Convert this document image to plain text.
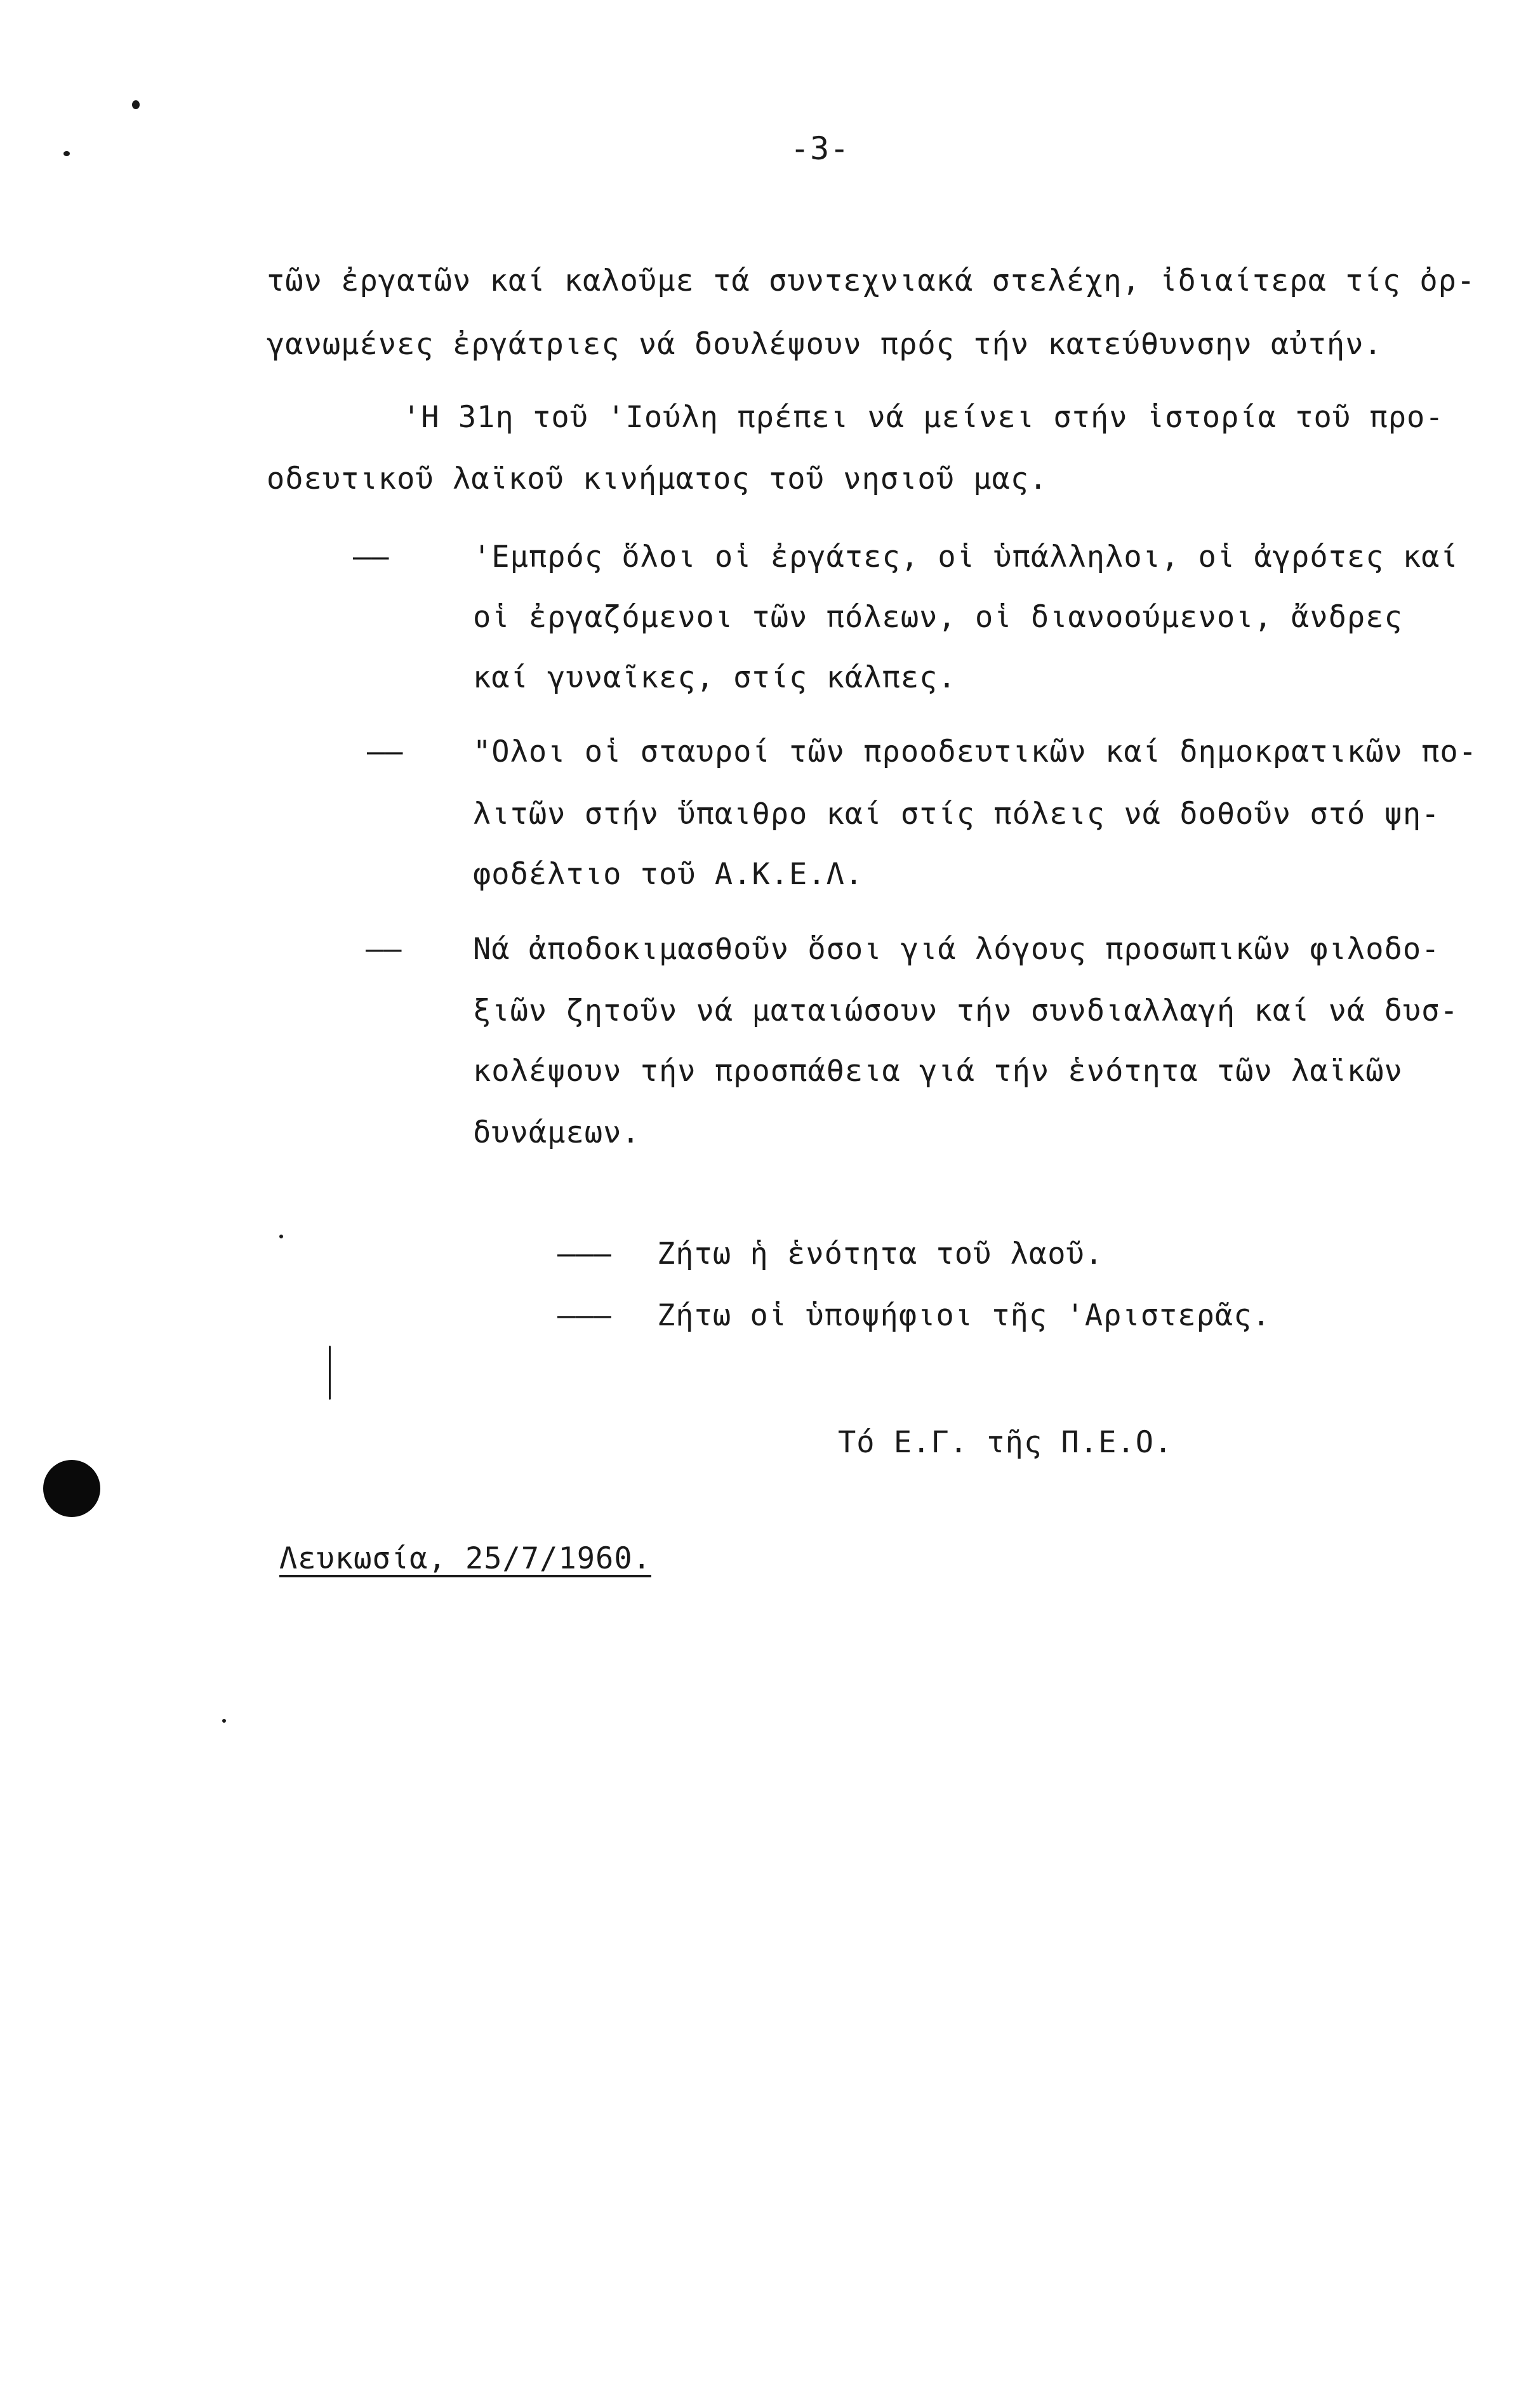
-3-
τῶν ἐργατῶν καί καλοῦμε τά συντεχνιακά στελέχη, ἰδιαίτερα τίς ὀρ-
γανωμένες ἐργάτριες νά δουλέψουν πρός τήν κατεύθυνσην αὐτήν.
'Η 31η τοῦ 'Ιούλη πρέπει νά μείνει στήν ἱστορία τοῦ προ-
οδευτικοῦ λαϊκοῦ κινήματος τοῦ νησιοῦ μας.
——	'Εμπρός ὅλοι οἱ ἐργάτες, οἱ ὑπάλληλοι, οἱ ἀγρότες καί
οἱ ἐργαζόμενοι τῶν πόλεων, οἱ διανοούμενοι, ἄνδρες
καί γυναῖκες, στίς κάλπες.
—— "Ολοι οἱ σταυροί τῶν προοδευτικῶν καί δημοκρατικῶν πο-
λιτῶν στήν ὕπαιθρο καί στίς πόλεις νά δοθοῦν στό ψη-
φοδέλτιο τοῦ Α.Κ.Ε.Λ.
—— Νά ἀποδοκιμασθοῦν ὅσοι γιά λόγους προσωπικῶν φιλοδο-
ξιῶν ζητοῦν νά ματαιώσουν τήν συνδιαλλαγή καί νά δυσ-
κολέψουν τήν προσπάθεια γιά τήν ἑνότητα τῶν λαϊκῶν
δυνάμεων.
——— Ζήτω ἡ ἑνότητα τοῦ λαοῦ.
——— Ζήτω οἱ ὑποψήφιοι τῆς 'Αριστερᾶς.
Τό Ε.Γ. τῆς Π.Ε.Ο.
Λευκωσία, 25/7/1960.
